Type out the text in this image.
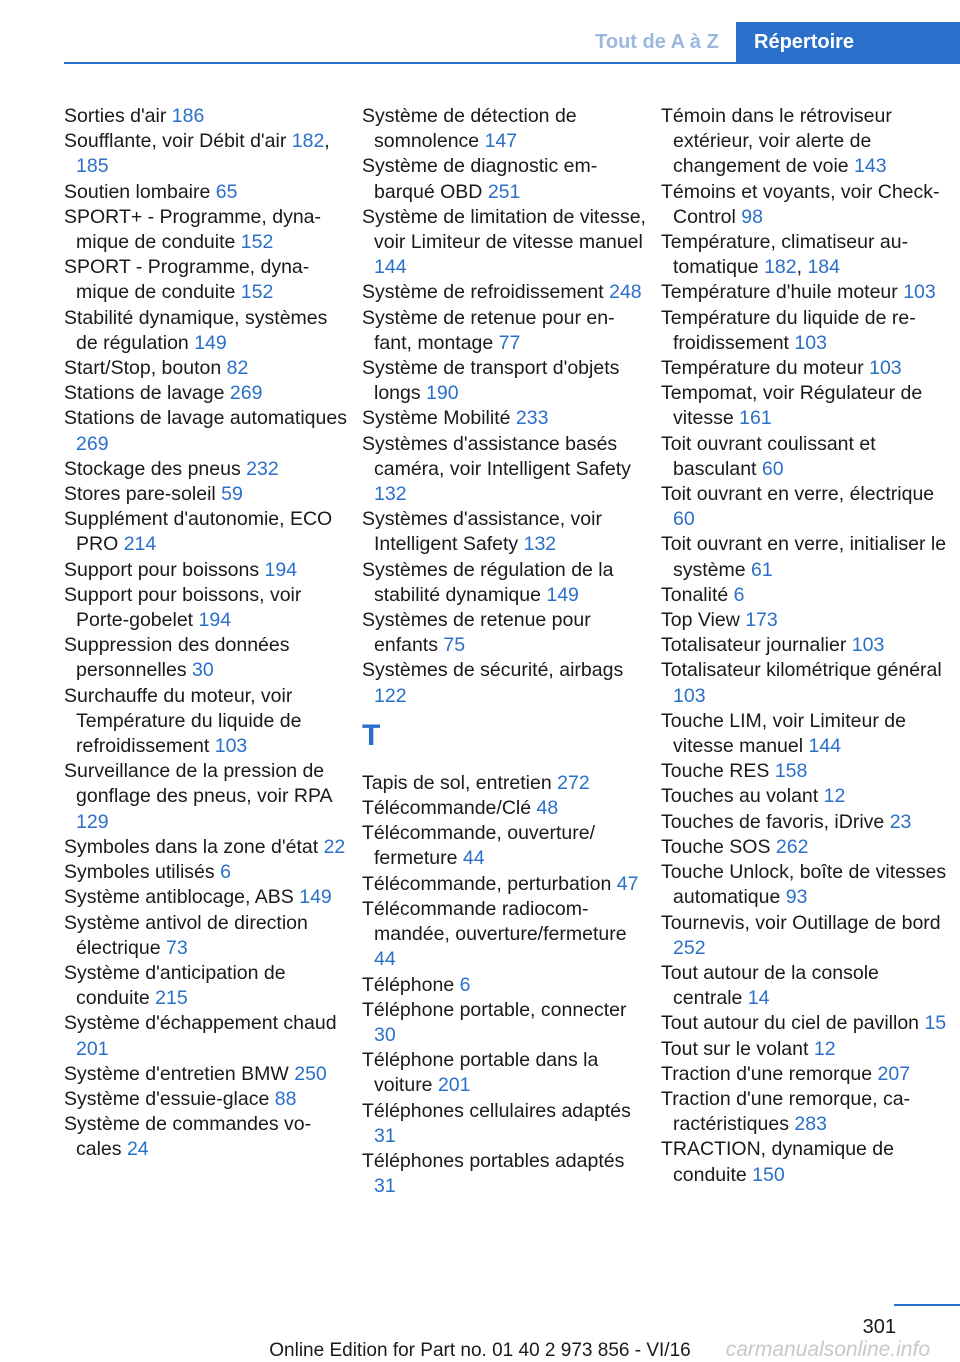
Tout de A à Z	Répertoire
Sorties d'air 186
Soufflante, voir Débit d'air 182, 185
Soutien lombaire 65
SPORT+ - Programme, dynamique de conduite 152
SPORT - Programme, dynamique de conduite 152
Stabilité dynamique, systèmes de régulation 149
Start/Stop, bouton 82
Stations de lavage 269
Stations de lavage automatiques 269
Stockage des pneus 232
Stores pare-soleil 59
Supplément d'autonomie, ECO PRO 214
Support pour boissons 194
Support pour boissons, voir Porte-gobelet 194
Suppression des données personnelles 30
Surchauffe du moteur, voir Température du liquide de refroidissement 103
Surveillance de la pression de gonflage des pneus, voir RPA 129
Symboles dans la zone d'état 22
Symboles utilisés 6
Système antiblocage, ABS 149
Système antivol de direction électrique 73
Système d'anticipation de conduite 215
Système d'échappement chaud 201
Système d'entretien BMW 250
Système d'essuie-glace 88
Système de commandes vocales 24
Système de détection de somnolence 147
Système de diagnostic embarqué OBD 251
Système de limitation de vitesse, voir Limiteur de vitesse manuel 144
Système de refroidissement 248
Système de retenue pour enfant, montage 77
Système de transport d'objets longs 190
Système Mobilité 233
Systèmes d'assistance basés caméra, voir Intelligent Safety 132
Systèmes d'assistance, voir Intelligent Safety 132
Systèmes de régulation de la stabilité dynamique 149
Systèmes de retenue pour enfants 75
Systèmes de sécurité, airbags 122
T
Tapis de sol, entretien 272
Télécommande/Clé 48
Télécommande, ouverture/ fermeture 44
Télécommande, perturbation 47
Télécommande radiocommandée, ouverture/fermeture 44
Téléphone 6
Téléphone portable, connecter 30
Téléphone portable dans la voiture 201
Téléphones cellulaires adaptés 31
Téléphones portables adaptés 31
Témoin dans le rétroviseur extérieur, voir alerte de changement de voie 143
Témoins et voyants, voir Check-Control 98
Température, climatiseur automatique 182, 184
Température d'huile moteur 103
Température du liquide de refroidissement 103
Température du moteur 103
Tempomat, voir Régulateur de vitesse 161
Toit ouvrant coulissant et basculant 60
Toit ouvrant en verre, électrique 60
Toit ouvrant en verre, initialiser le système 61
Tonalité 6
Top View 173
Totalisateur journalier 103
Totalisateur kilométrique général 103
Touche LIM, voir Limiteur de vitesse manuel 144
Touche RES 158
Touches au volant 12
Touches de favoris, iDrive 23
Touche SOS 262
Touche Unlock, boîte de vitesses automatique 93
Tournevis, voir Outillage de bord 252
Tout autour de la console centrale 14
Tout autour du ciel de pavillon 15
Tout sur le volant 12
Traction d'une remorque 207
Traction d'une remorque, caractéristiques 283
TRACTION, dynamique de conduite 150
301
Online Edition for Part no. 01 40 2 973 856 - VI/16	carmanualsonline.info
